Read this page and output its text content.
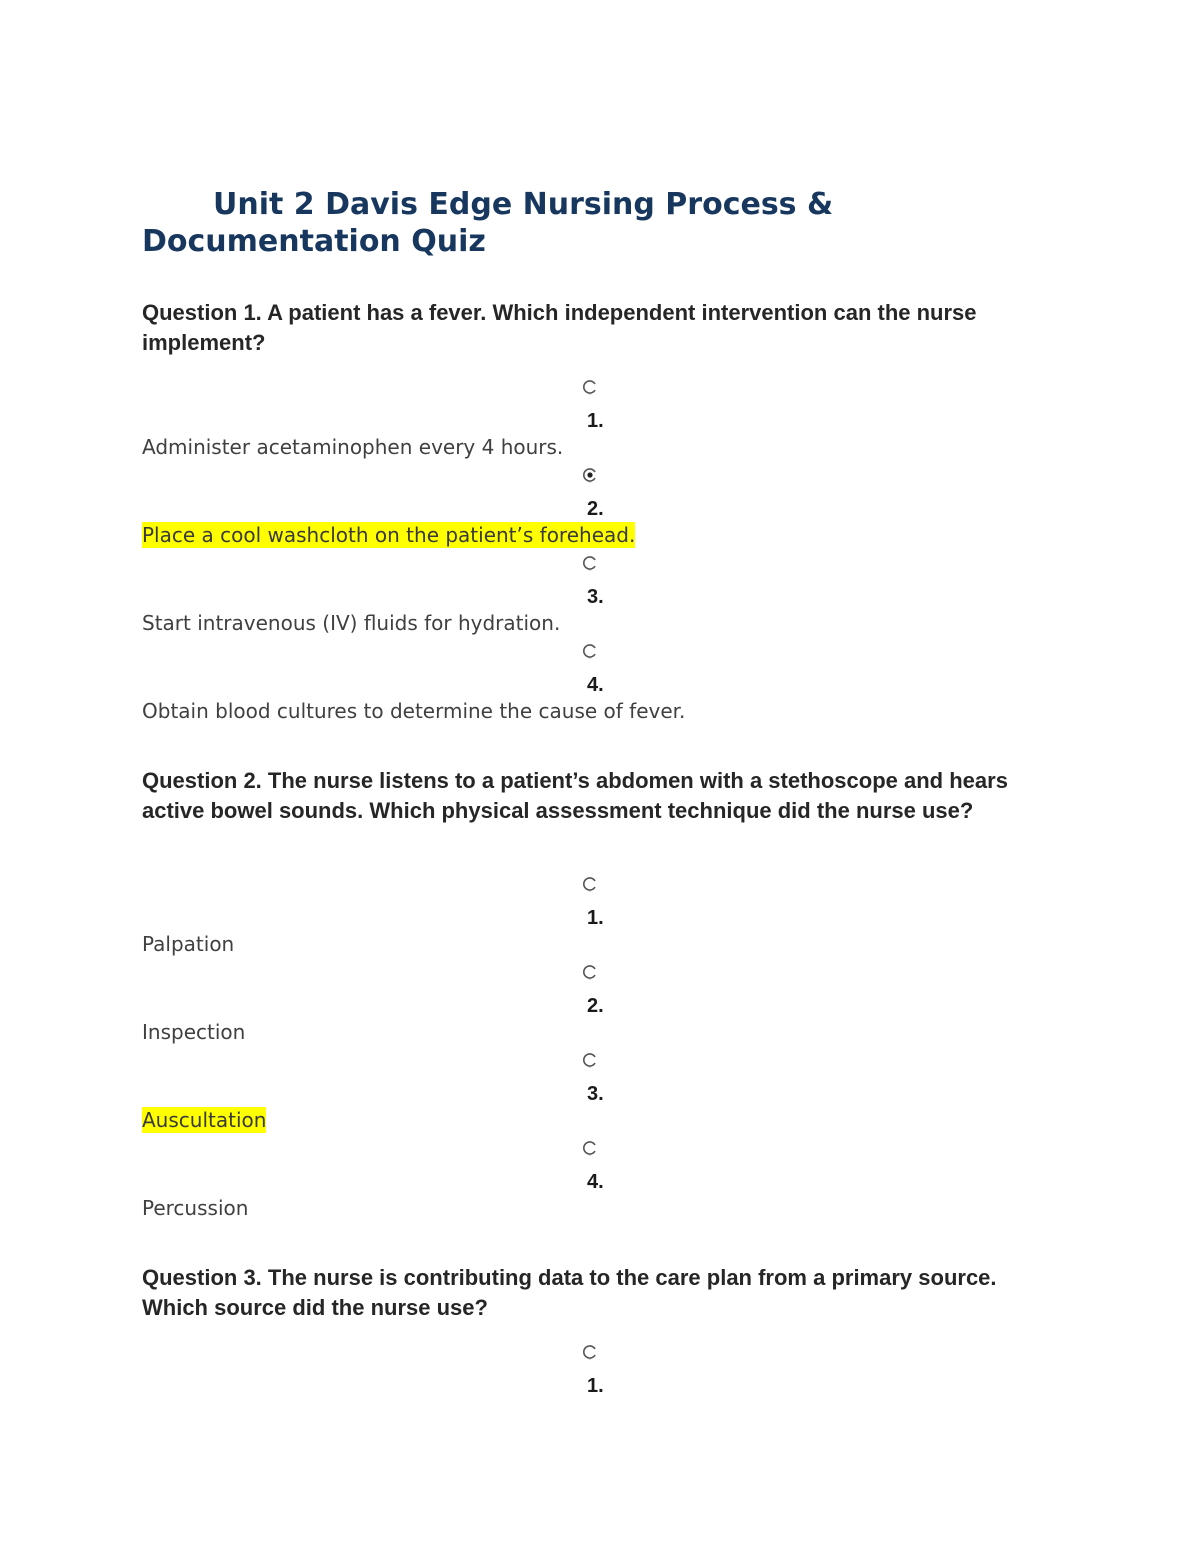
Unit 2 Davis Edge Nursing Process & Documentation Quiz

Question 1. A patient has a fever. Which independent intervention can the nurse implement?

1.
Administer acetaminophen every 4 hours.
2.
Place a cool washcloth on the patient’s forehead.
3.
Start intravenous (IV) fluids for hydration.
4.
Obtain blood cultures to determine the cause of fever.

Question 2. The nurse listens to a patient’s abdomen with a stethoscope and hears active bowel sounds. Which physical assessment technique did the nurse use?

1.
Palpation
2.
Inspection
3.
Auscultation
4.
Percussion

Question 3. The nurse is contributing data to the care plan from a primary source. Which source did the nurse use?

1.
